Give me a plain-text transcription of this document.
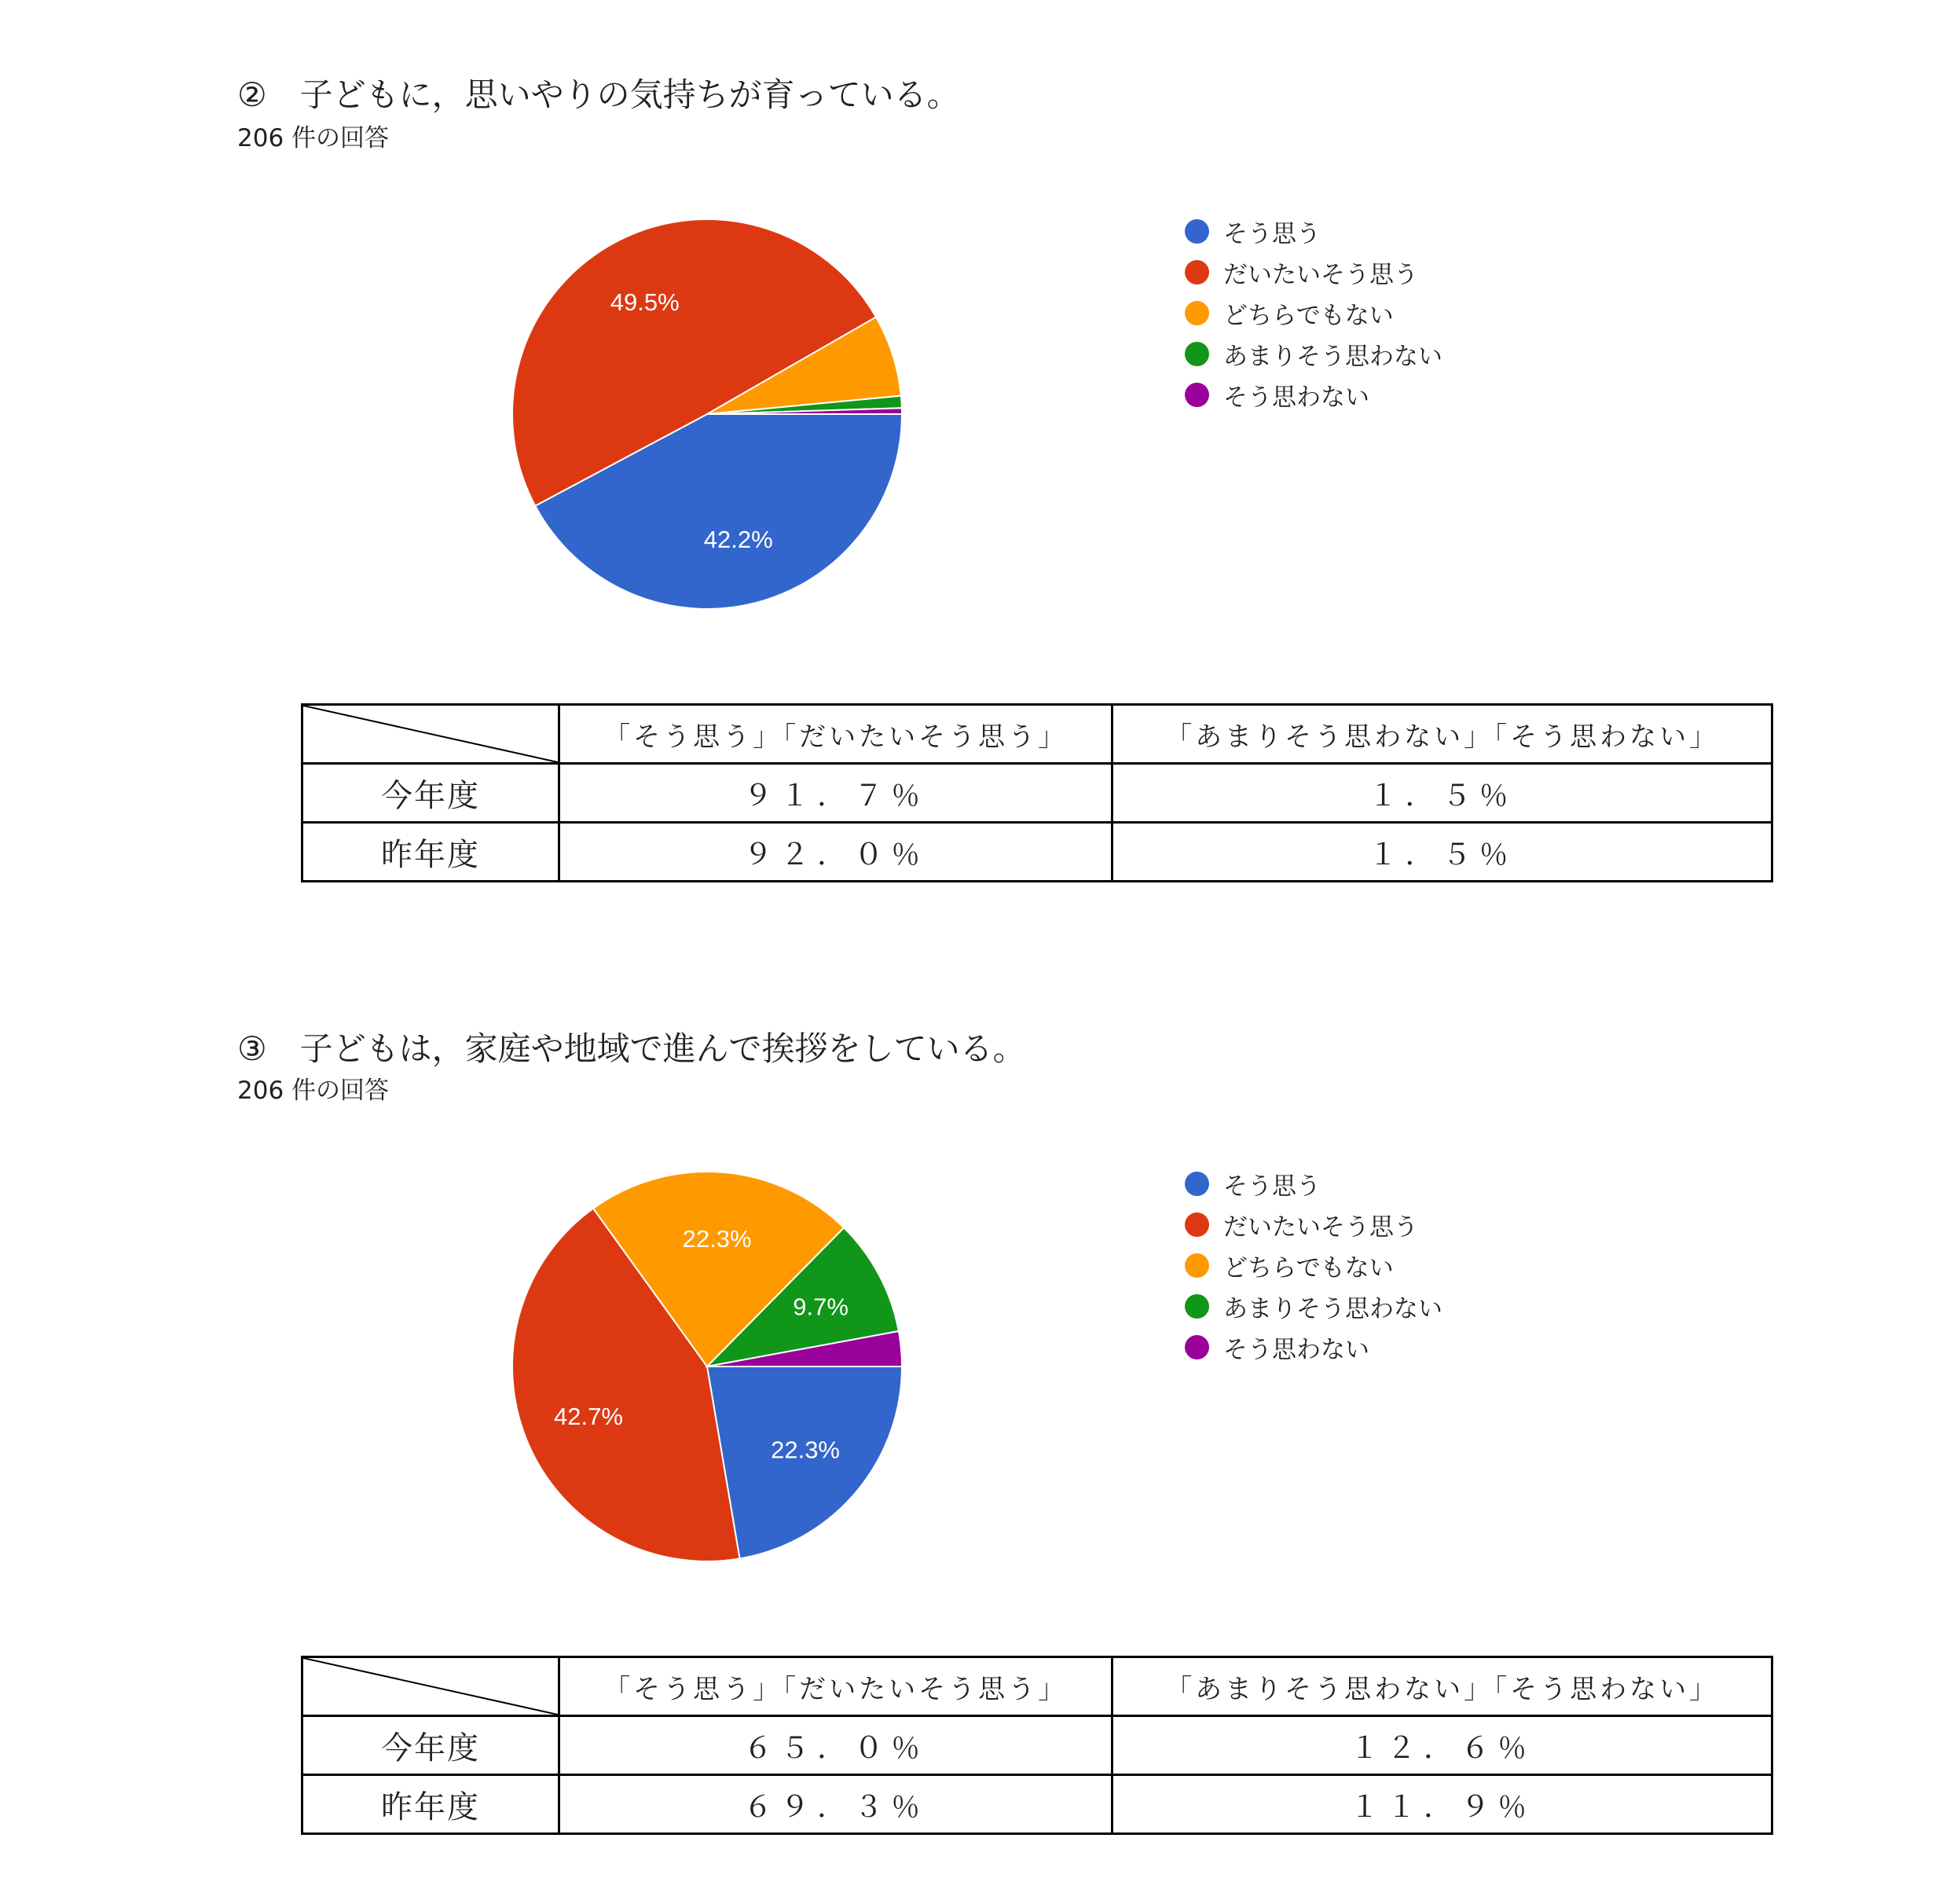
②　子どもに，思いやりの気持ちが育っている。
206 件の回答
42.2%
49.5%
そう思う
だいたいそう思う
どちらでもない
あまりそう思わない
そう思わない
	「そう思う」「だいたいそう思う」	「あまりそう思わない」「そう思わない」
今年度	９１．７％	１．５％
昨年度	９２．０％	１．５％
③　子どもは，家庭や地域で進んで挨拶をしている。
206 件の回答
22.3%
42.7%
22.3%
9.7%
そう思う
だいたいそう思う
どちらでもない
あまりそう思わない
そう思わない
	「そう思う」「だいたいそう思う」	「あまりそう思わない」「そう思わない」
今年度	６５．０％	１２．６％
昨年度	６９．３％	１１．９％
